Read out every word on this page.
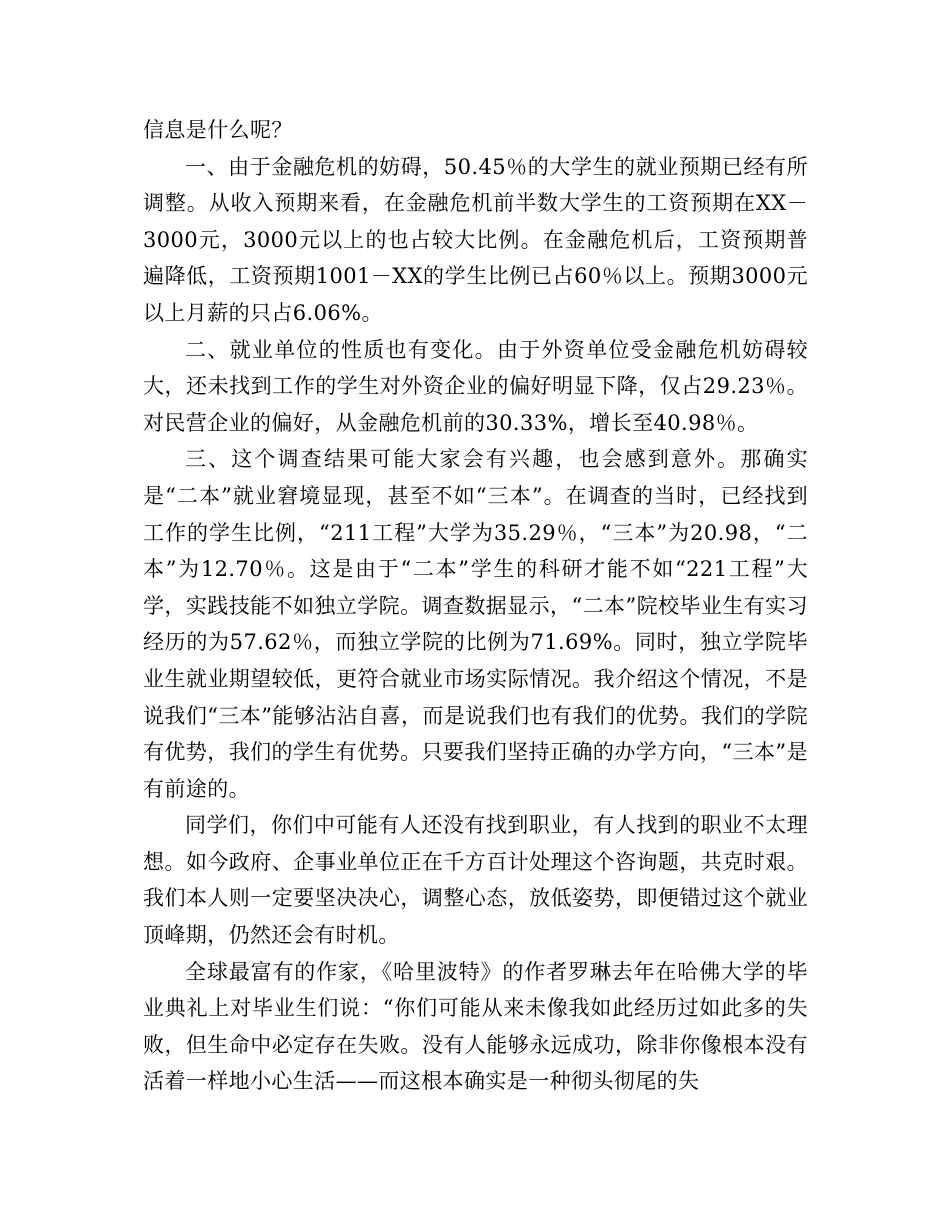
信息是什么呢？

一、由于金融危机的妨碍，50.45％的大学生的就业预期已经有所调整。从收入预期来看，在金融危机前半数大学生的工资预期在XX－3000元，3000元以上的也占较大比例。在金融危机后，工资预期普遍降低，工资预期1001－XX的学生比例已占60％以上。预期3000元以上月薪的只占6.06%。

二、就业单位的性质也有变化。由于外资单位受金融危机妨碍较大，还未找到工作的学生对外资企业的偏好明显下降，仅占29.23％。对民营企业的偏好，从金融危机前的30.33%，增长至40.98％。

三、这个调查结果可能大家会有兴趣，也会感到意外。那确实是“二本”就业窘境显现，甚至不如“三本”。在调查的当时，已经找到工作的学生比例，“211工程”大学为35.29％，“三本”为20.98，“二本”为12.70％。这是由于“二本”学生的科研才能不如“221工程”大学，实践技能不如独立学院。调查数据显示，“二本”院校毕业生有实习经历的为57.62％，而独立学院的比例为71.69%。同时，独立学院毕业生就业期望较低，更符合就业市场实际情况。我介绍这个情况，不是说我们“三本”能够沾沾自喜，而是说我们也有我们的优势。我们的学院有优势，我们的学生有优势。只要我们坚持正确的办学方向，“三本”是有前途的。

同学们，你们中可能有人还没有找到职业，有人找到的职业不太理想。如今政府、企事业单位正在千方百计处理这个咨询题，共克时艰。我们本人则一定要坚决决心，调整心态，放低姿势，即便错过这个就业顶峰期，仍然还会有时机。

全球最富有的作家，《哈里波特》的作者罗琳去年在哈佛大学的毕业典礼上对毕业生们说：“你们可能从来未像我如此经历过如此多的失败，但生命中必定存在失败。没有人能够永远成功，除非你像根本没有活着一样地小心生活——而这根本确实是一种彻头彻尾的失
